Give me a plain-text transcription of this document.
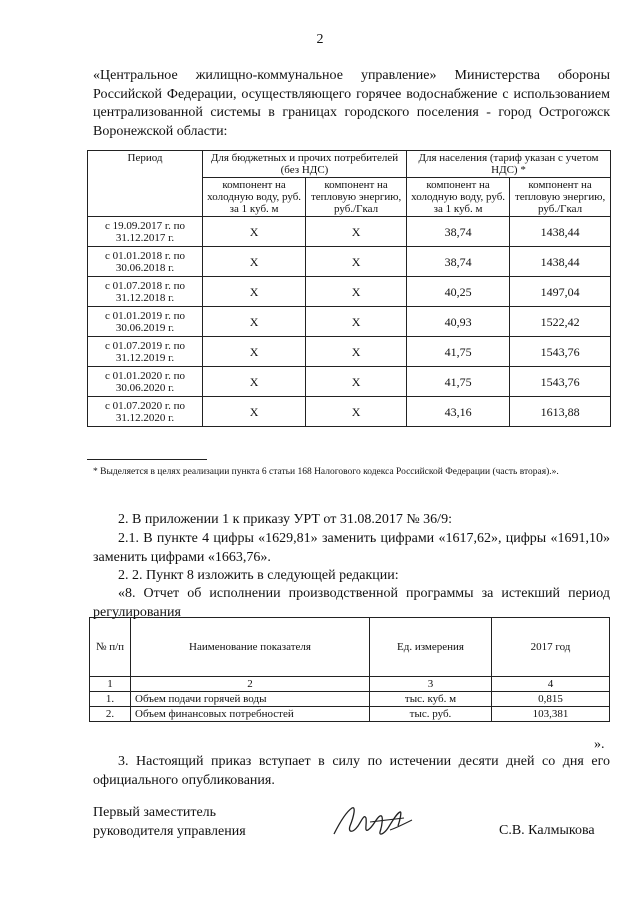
2

«Центральное жилищно-коммунальное управление» Министерства обороны Российской Федерации, осуществляющего горячее водоснабжение с использованием централизованной системы в границах городского поселения - город Острогожск Воронежской области:

Период	Для бюджетных и прочих потребителей (без НДС)		Для населения (тариф указан с учетом НДС) *	
	компонент на холодную воду, руб. за 1 куб. м	компонент на тепловую энергию, руб./Гкал	компонент на холодную воду, руб. за 1 куб. м	компонент на тепловую энергию, руб./Гкал
с 19.09.2017 г. по 31.12.2017 г.	X	X	38,74	1438,44
с 01.01.2018 г. по 30.06.2018 г.	X	X	38,74	1438,44
с 01.07.2018 г. по 31.12.2018 г.	X	X	40,25	1497,04
с 01.01.2019 г. по 30.06.2019 г.	X	X	40,93	1522,42
с 01.07.2019 г. по 31.12.2019 г.	X	X	41,75	1543,76
с 01.01.2020 г. по 30.06.2020 г.	X	X	41,75	1543,76
с 01.07.2020 г. по 31.12.2020 г.	X	X	43,16	1613,88

* Выделяется в целях реализации пункта 6 статьи 168 Налогового кодекса Российской Федерации (часть вторая).».

2. В приложении 1 к приказу УРТ от 31.08.2017 № 36/9:

2.1. В пункте 4 цифры «1629,81» заменить цифрами «1617,62», цифры «1691,10» заменить цифрами «1663,76».

2. 2. Пункт 8 изложить в следующей редакции:

«8. Отчет об исполнении производственной программы за истекший период регулирования

№ п/п	Наименование показателя	Ед. измерения	2017 год
1	2	3	4
1.	Объем подачи горячей воды	тыс. куб. м	0,815
2.	Объем финансовых потребностей	тыс. руб.	103,381
».

3. Настоящий приказ вступает в силу по истечении десяти дней со дня его официального опубликования.

Первый заместитель
руководителя управления	С.В. Калмыкова
